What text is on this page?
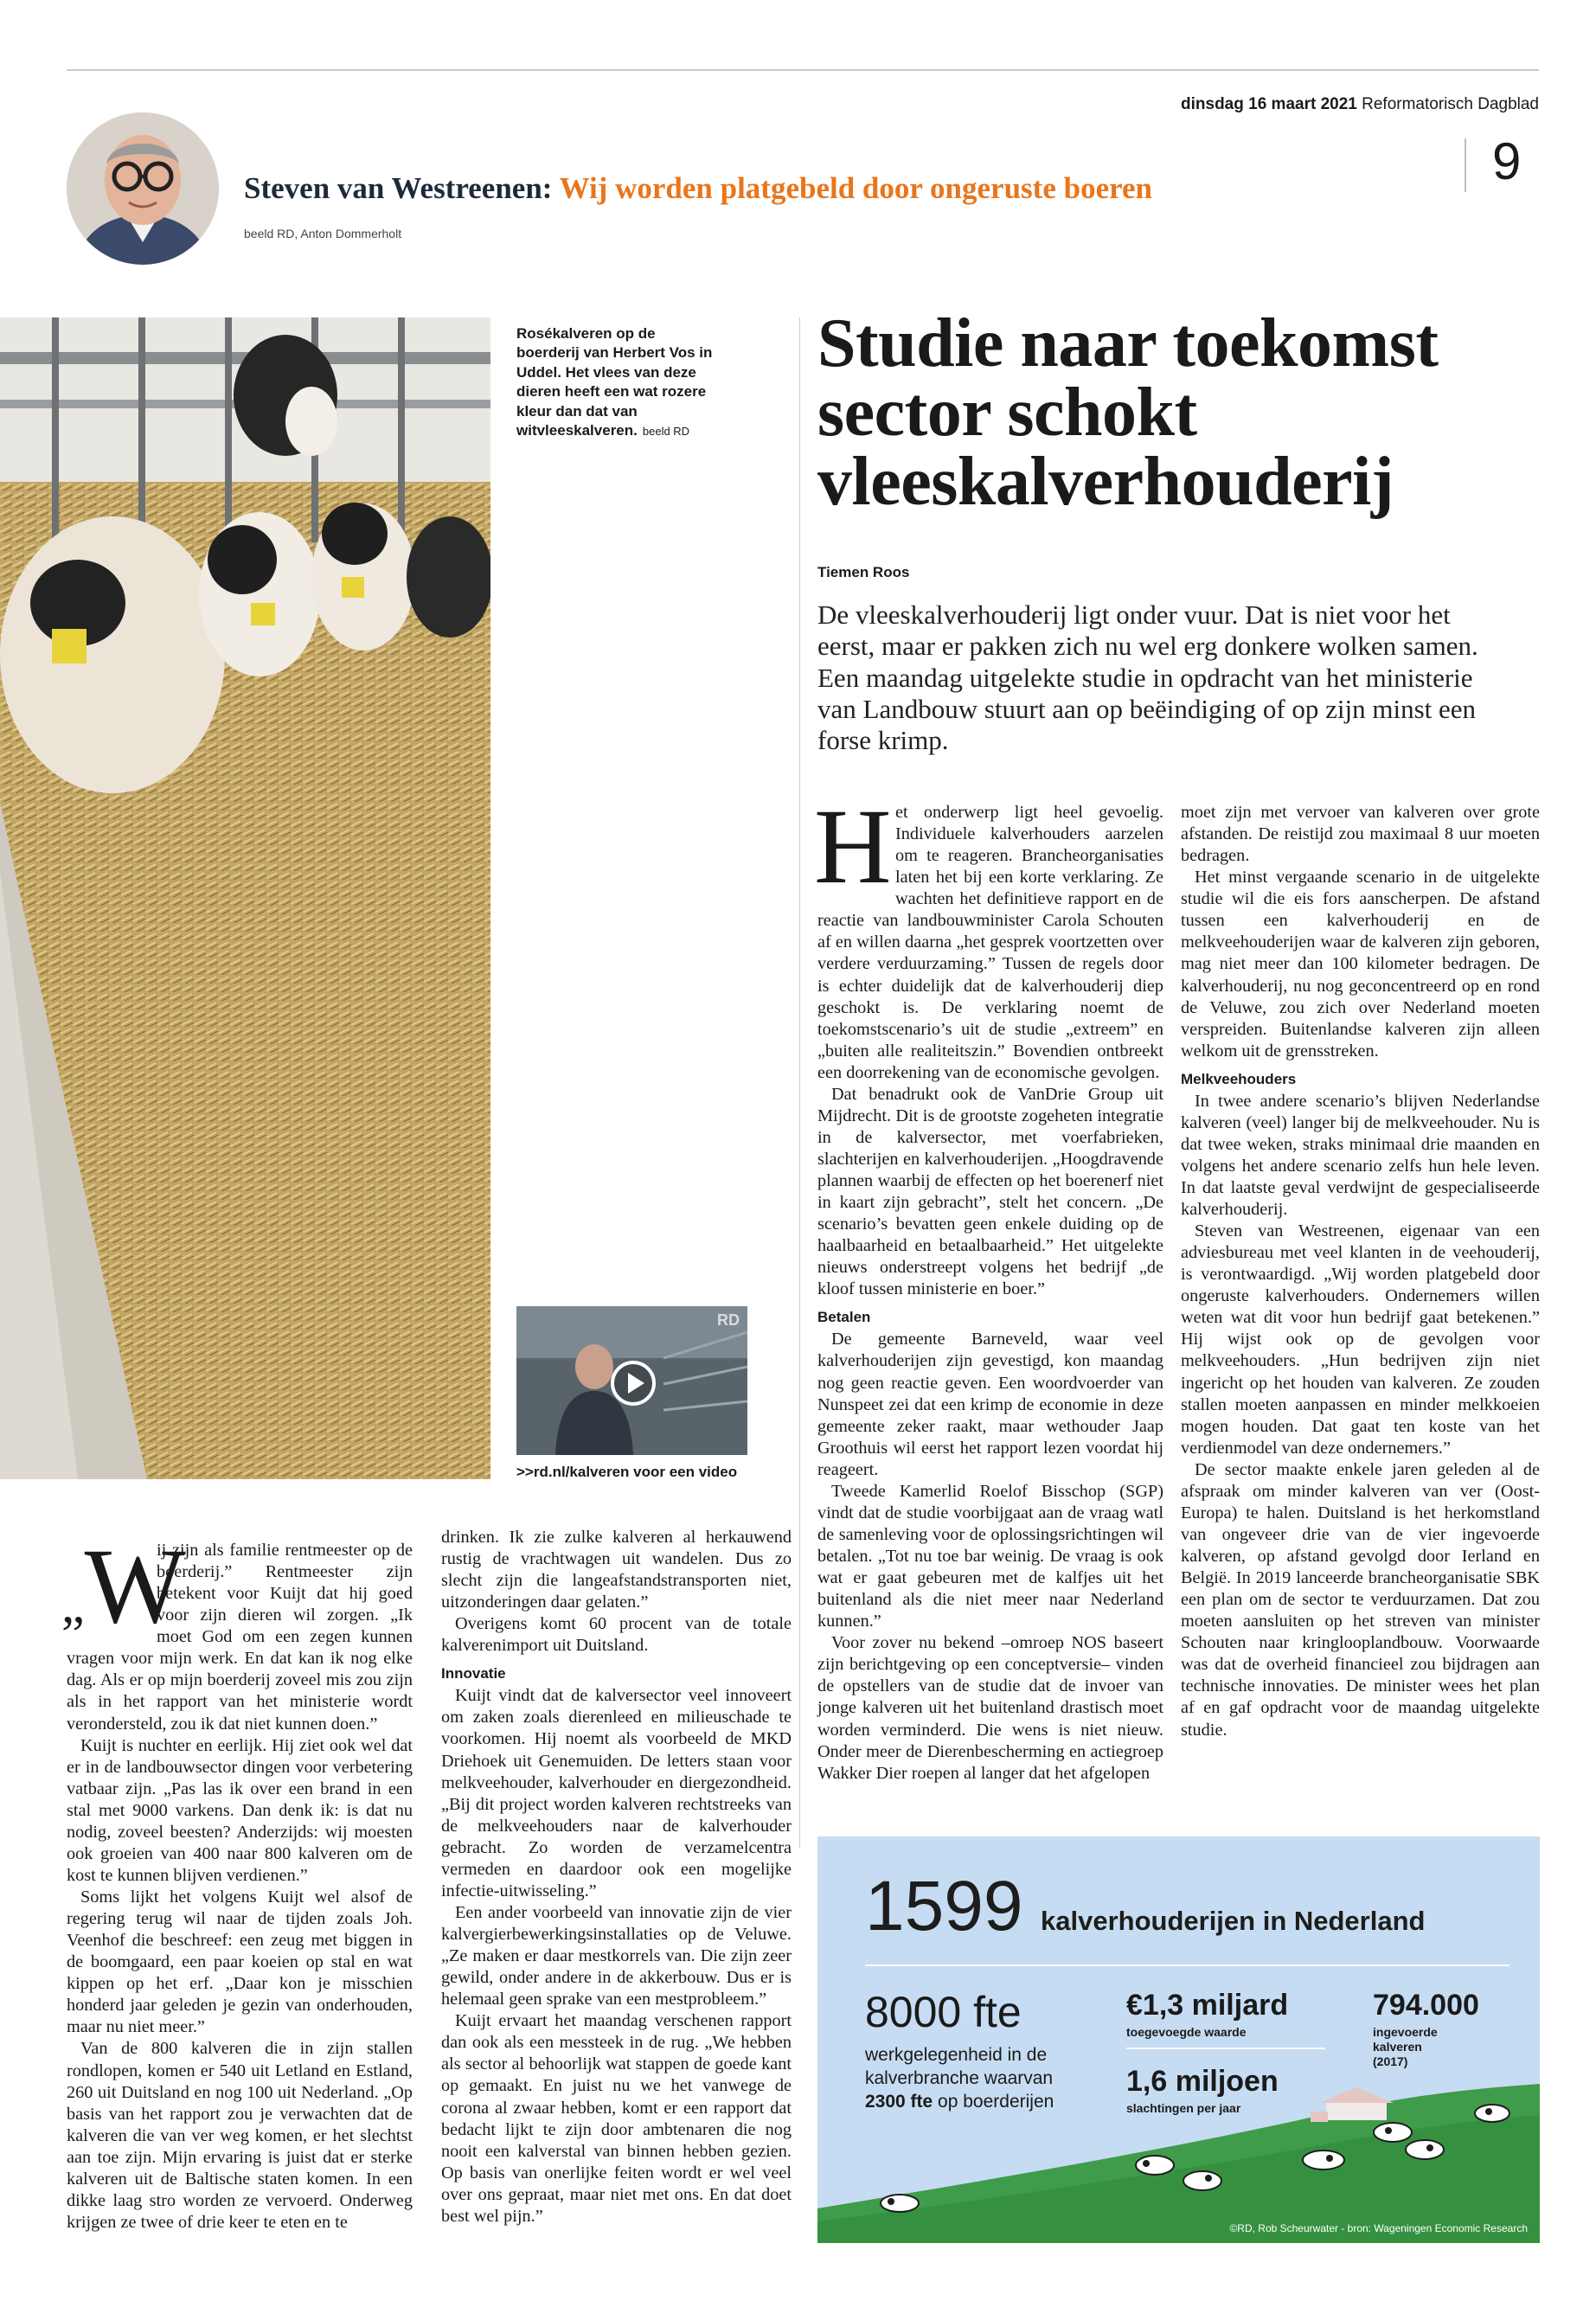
dinsdag 16 maart 2021 Reformatorisch Dagblad
9
Steven van Westreenen: Wij worden platgebeld door ongeruste boeren
beeld RD, Anton Dommerholt
Rosékalveren op de boerderij van Herbert Vos in Uddel. Het vlees van deze dieren heeft een wat rozere kleur dan dat van witvleeskalveren. beeld RD
Studie naar toekomst sector schokt vleeskalverhouderij
Tiemen Roos
De vleeskalverhouderij ligt onder vuur. Dat is niet voor het eerst, maar er pakken zich nu wel erg donkere wolken samen. Een maandag uitgelekte studie in opdracht van het ministerie van Landbouw stuurt aan op beëindiging of op zijn minst een forse krimp.
RD
>>rd.nl/kalveren voor een video

Het onderwerp ligt heel gevoelig. Individuele kalverhouders aarzelen om te reageren. Brancheorganisaties laten het bij een korte verklaring. Ze wachten het definitieve rapport en de reactie van landbouwminister Carola Schouten af en willen daarna „het gesprek voortzetten over verdere verduurzaming.” Tussen de regels door is echter duidelijk dat de kalverhouderij diep geschokt is. De verklaring noemt de toekomstscenario’s uit de studie „extreem” en „buiten alle realiteitszin.” Bovendien ontbreekt een doorrekening van de economische gevolgen.

Dat benadrukt ook de VanDrie Group uit Mijdrecht. Dit is de grootste zogeheten integratie in de kalversector, met voerfabrieken, slachterijen en kalverhouderijen. „Hoogdravende plannen waarbij de effecten op het boerenerf niet in kaart zijn gebracht”, stelt het concern. „De scenario’s bevatten geen enkele duiding op de haalbaarheid en betaalbaarheid.” Het uitgelekte nieuws onderstreept volgens het bedrijf „de kloof tussen ministerie en boer.”

Betalen

De gemeente Barneveld, waar veel kalverhouderijen zijn gevestigd, kon maandag nog geen reactie geven. Een woordvoerder van Nunspeet zei dat een krimp de economie in deze gemeente zeker raakt, maar wethouder Jaap Groothuis wil eerst het rapport lezen voordat hij reageert.

Tweede Kamerlid Roelof Bisschop (SGP) vindt dat de studie voorbijgaat aan de vraag watl de samenleving voor de oplossingsrichtingen wil betalen. „Tot nu toe bar weinig. De vraag is ook wat er gaat gebeuren met de kalfjes uit het buitenland als die niet meer naar Nederland kunnen.”

Voor zover nu bekend –omroep NOS baseert zijn berichtgeving op een conceptversie– vinden de opstellers van de studie dat de invoer van jonge kalveren uit het buitenland drastisch moet worden verminderd. Die wens is niet nieuw. Onder meer de Dierenbescherming en actiegroep Wakker Dier roepen al langer dat het afgelopen

moet zijn met vervoer van kalveren over grote afstanden. De reistijd zou maximaal 8 uur moeten bedragen.

Het minst vergaande scenario in de uitgelekte studie wil die eis fors aanscherpen. De afstand tussen een kalverhouderij en de melkveehouderijen waar de kalveren zijn geboren, mag niet meer dan 100 kilometer bedragen. De kalverhouderij, nu nog geconcentreerd op en rond de Veluwe, zou zich over Nederland moeten verspreiden. Buitenlandse kalveren zijn alleen welkom uit de grensstreken.

Melkveehouders

In twee andere scenario’s blijven Nederlandse kalveren (veel) langer bij de melkveehouder. Nu is dat twee weken, straks minimaal drie maanden en volgens het andere scenario zelfs hun hele leven. In dat laatste geval verdwijnt de gespecialiseerde kalverhouderij.

Steven van Westreenen, eigenaar van een adviesbureau met veel klanten in de veehouderij, is verontwaardigd. „Wij worden platgebeld door ongeruste kalverhouders. Ondernemers willen weten wat dit voor hun bedrijf gaat betekenen.” Hij wijst ook op de gevolgen voor melkveehouders. „Hun bedrijven zijn niet ingericht op het houden van kalveren. Ze zouden stallen moeten aanpassen en minder melkkoeien mogen houden. Dat gaat ten koste van het verdienmodel van deze ondernemers.”

De sector maakte enkele jaren geleden al de afspraak om minder kalveren van ver (Oost-Europa) te halen. Duitsland is het herkomstland van ongeveer drie van de vier ingevoerde kalveren, op afstand gevolgd door Ierland en België. In 2019 lanceerde brancheorganisatie SBK een plan om de sector te verduurzamen. Dat zou moeten aansluiten op het streven van minister Schouten naar kringlooplandbouw. Voorwaarde was dat de overheid financieel zou bijdragen aan technische innovaties. De minister wees het plan af en gaf opdracht voor de maandag uitgelekte studie.

„W
ij zijn als familie rentmeester op de boerderij.” Rentmeester zijn betekent voor Kuijt dat hij goed voor zijn dieren wil zorgen. „Ik moet God om een zegen kunnen vragen voor mijn werk. En dat kan ik nog elke dag. Als er op mijn boerderij zoveel mis zou zijn als in het rapport van het ministerie wordt verondersteld, zou ik dat niet kunnen doen.”

Kuijt is nuchter en eerlijk. Hij ziet ook wel dat er in de landbouwsector dingen voor verbetering vatbaar zijn. „Pas las ik over een brand in een stal met 9000 varkens. Dan denk ik: is dat nu nodig, zoveel beesten? Anderzijds: wij moesten ook groeien van 400 naar 800 kalveren om de kost te kunnen blijven verdienen.”

Soms lijkt het volgens Kuijt wel alsof de regering terug wil naar de tijden zoals Joh. Veenhof die beschreef: een zeug met biggen in de boomgaard, een paar koeien op stal en wat kippen op het erf. „Daar kon je misschien honderd jaar geleden je gezin van onderhouden, maar nu niet meer.”

Van de 800 kalveren die in zijn stallen rondlopen, komen er 540 uit Letland en Estland, 260 uit Duitsland en nog 100 uit Nederland. „Op basis van het rapport zou je verwachten dat de kalveren die van ver weg komen, er het slechtst aan toe zijn. Mijn ervaring is juist dat er sterke kalveren uit de Baltische staten komen. In een dikke laag stro worden ze vervoerd. Onderweg krijgen ze twee of drie keer te eten en te

drinken. Ik zie zulke kalveren al herkauwend rustig de vrachtwagen uit wandelen. Dus zo slecht zijn die langeafstandstransporten niet, uitzonderingen daar gelaten.”

Overigens komt 60 procent van de totale kalverenimport uit Duitsland.

Innovatie

Kuijt vindt dat de kalversector veel innoveert om zaken zoals dierenleed en milieuschade te voorkomen. Hij noemt als voorbeeld de MKD Driehoek uit Genemuiden. De letters staan voor melkveehouder, kalverhouder en diergezondheid. „Bij dit project worden kalveren rechtstreeks van de melkveehouders naar de kalverhouder gebracht. Zo worden de verzamelcentra vermeden en daardoor ook een mogelijke infectie-uitwisseling.”

Een ander voorbeeld van innovatie zijn de vier kalvergierbewerkingsinstallaties op de Veluwe. „Ze maken er daar mestkorrels van. Die zijn zeer gewild, onder andere in de akkerbouw. Dus er is helemaal geen sprake van een mestprobleem.”

Kuijt ervaart het maandag verschenen rapport dan ook als een messteek in de rug. „We hebben als sector al behoorlijk wat stappen de goede kant op gemaakt. En juist nu we het vanwege de corona al zwaar hebben, komt er een rapport dat bedacht lijkt te zijn door ambtenaren die nog nooit een kalverstal van binnen hebben gezien. Op basis van onerlijke feiten wordt er wel veel over ons gepraat, maar niet met ons. En dat doet best wel pijn.”

1599 kalverhouderijen in Nederland
8000 fte
werkgelegenheid in de
kalverbranche waarvan
2300 fte op boerderijen
€1,3 miljard
toegevoegde waarde
1,6 miljoen
slachtingen per jaar
794.000
ingevoerde
kalveren
(2017)
©RD, Rob Scheurwater - bron: Wageningen Economic Research
